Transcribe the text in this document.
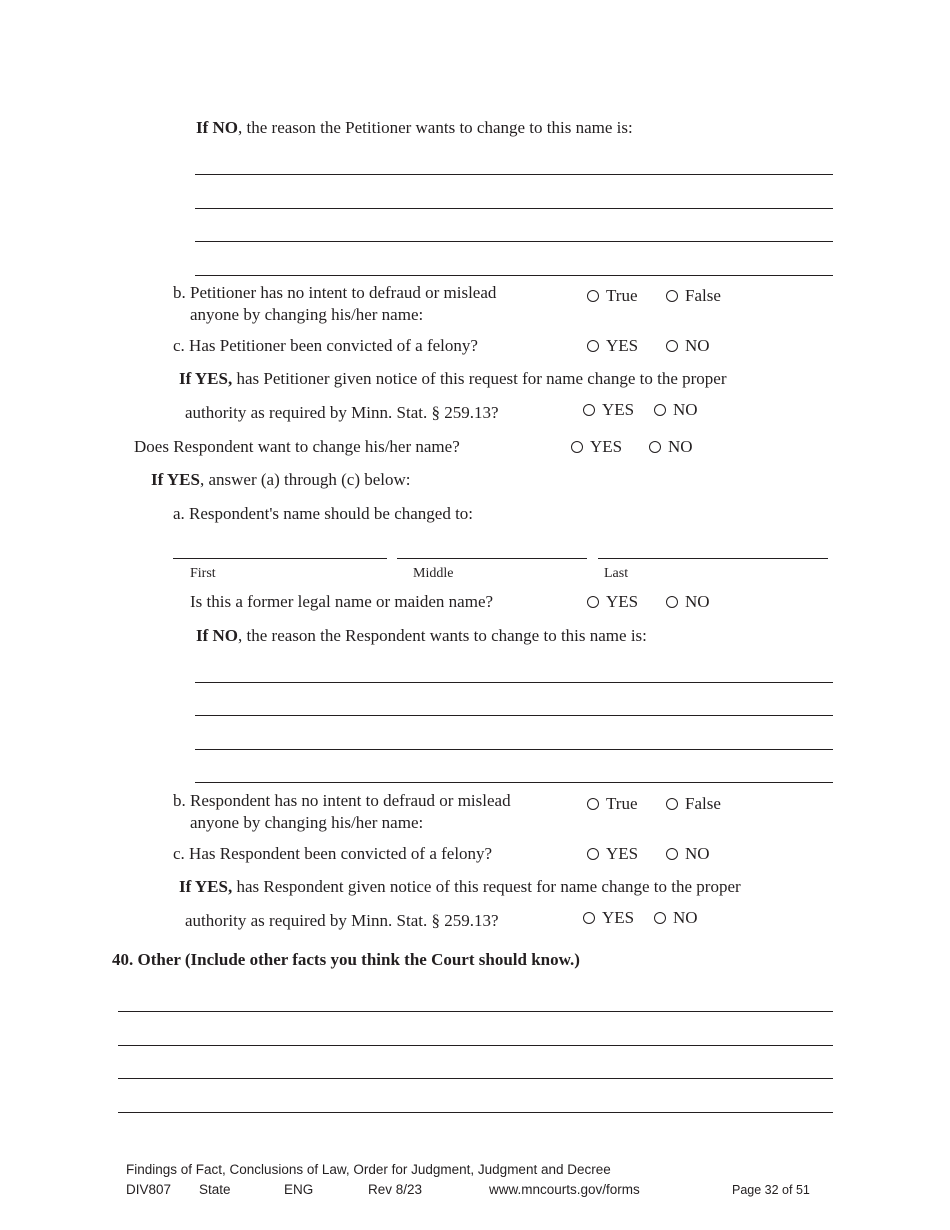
If NO, the reason the Petitioner wants to change to this name is:
b. Petitioner has no intent to defraud or mislead
anyone by changing his/her name:
True	False
c. Has Petitioner been convicted of a felony?	YES	NO
If YES, has Petitioner given notice of this request for name change to the proper
authority as required by Minn. Stat. § 259.13?	YES NO
Does Respondent want to change his/her name?	YES	NO
If YES, answer (a) through (c) below:
a. Respondent's name should be changed to:
First	Middle	Last
Is this a former legal name or maiden name?	YES	NO
If NO, the reason the Respondent wants to change to this name is:
b. Respondent has no intent to defraud or mislead
anyone by changing his/her name:
True	False
c. Has Respondent been convicted of a felony?	YES	NO
If YES, has Respondent given notice of this request for name change to the proper
authority as required by Minn. Stat. § 259.13?	YES NO
40. Other (Include other facts you think the Court should know.)
Findings of Fact, Conclusions of Law, Order for Judgment, Judgment and Decree
DIV807 State	ENG	Rev 8/23	www.mncourts.gov/forms	Page 32 of 51
